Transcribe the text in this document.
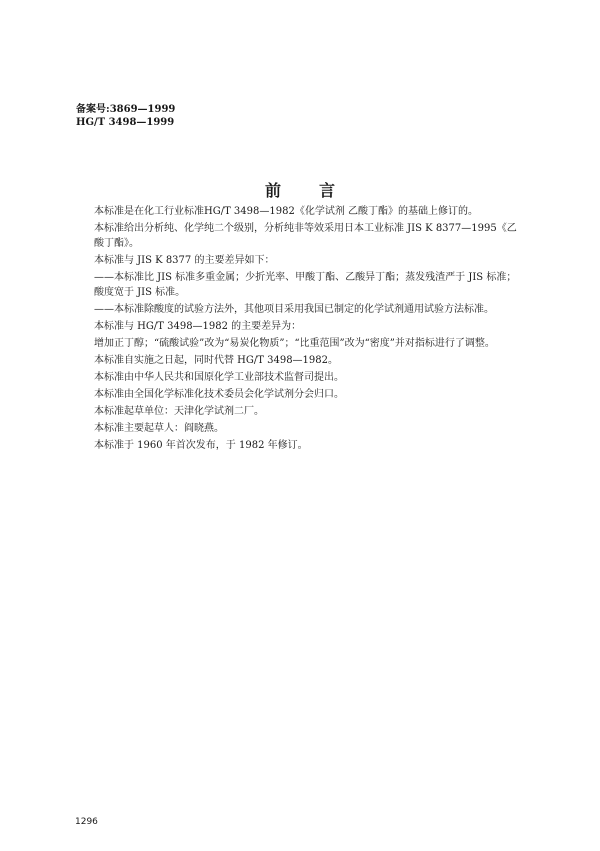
备案号:3869—1999
HG/T 3498—1999
前言

本标准是在化工行业标准HG/T 3498—1982《化学试剂 乙酸丁酯》的基础上修订的。

本标准给出分析纯、化学纯二个级别，分析纯非等效采用日本工业标准 JIS K 8377—1995《乙酸丁酯》。

本标准与 JIS K 8377 的主要差异如下：

——本标准比 JIS 标准多重金属；少折光率、甲酸丁酯、乙酸异丁酯；蒸发残渣严于 JIS 标准；酸度宽于 JIS 标准。

——本标准除酸度的试验方法外，其他项目采用我国已制定的化学试剂通用试验方法标准。

本标准与 HG/T 3498—1982 的主要差异为：

增加正丁醇；“硫酸试验”改为“易炭化物质”；“比重范围”改为“密度”并对指标进行了调整。

本标准自实施之日起，同时代替 HG/T 3498—1982。

本标准由中华人民共和国原化学工业部技术监督司提出。

本标准由全国化学标准化技术委员会化学试剂分会归口。

本标准起草单位：天津化学试剂二厂。

本标准主要起草人：阎晓燕。

本标准于 1960 年首次发布，于 1982 年修订。

1296
